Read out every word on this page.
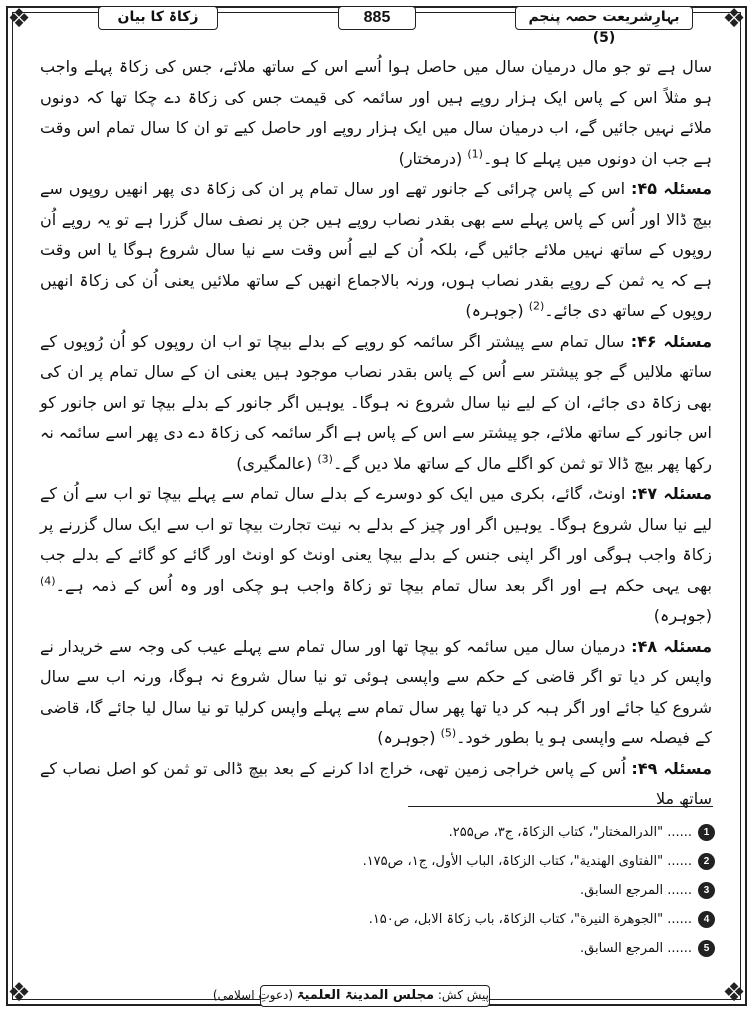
❖	❖
❖	❖
زکاۃ کا بیان	885	بہارِشریعت حصہ پنجم (5)

سال ہے تو جو مال درمیان سال میں حاصل ہوا اُسے اس کے ساتھ ملائے، جس کی زکاۃ پہلے واجب ہو مثلاً اس کے پاس ایک ہزار روپے ہیں اور سائمہ کی قیمت جس کی زکاۃ دے چکا تھا کہ دونوں ملائے نہیں جائیں گے، اب درمیان سال میں ایک ہزار روپے اور حاصل کیے تو ان کا سال تمام اس وقت ہے جب ان دونوں میں پہلے کا ہو۔$^{(1)}$ (درمختار)

مسئلہ ۴۵: اس کے پاس چرائی کے جانور تھے اور سال تمام پر ان کی زکاۃ دی پھر انھیں روپوں سے بیچ ڈالا اور اُس کے پاس پہلے سے بھی بقدر نصاب روپے ہیں جن پر نصف سال گزرا ہے تو یہ روپے اُن روپوں کے ساتھ نہیں ملائے جائیں گے، بلکہ اُن کے لیے اُس وقت سے نیا سال شروع ہوگا یا اس وقت ہے کہ یہ ثمن کے روپے بقدر نصاب ہوں، ورنہ بالاجماع انھیں کے ساتھ ملائیں یعنی اُن کی زکاۃ انھیں روپوں کے ساتھ دی جائے۔$^{(2)}$ (جوہرہ)

مسئلہ ۴۶: سال تمام سے پیشتر اگر سائمہ کو روپے کے بدلے بیچا تو اب ان روپوں کو اُن رُوپوں کے ساتھ ملالیں گے جو پیشتر سے اُس کے پاس بقدر نصاب موجود ہیں یعنی ان کے سال تمام پر ان کی بھی زکاۃ دی جائے، ان کے لیے نیا سال شروع نہ ہوگا۔ یوہیں اگر جانور کے بدلے بیچا تو اس جانور کو اس جانور کے ساتھ ملائے، جو پیشتر سے اس کے پاس ہے اگر سائمہ کی زکاۃ دے دی پھر اسے سائمہ نہ رکھا پھر بیچ ڈالا تو ثمن کو اگلے مال کے ساتھ ملا دیں گے۔$^{(3)}$ (عالمگیری)

مسئلہ ۴۷: اونٹ، گائے، بکری میں ایک کو دوسرے کے بدلے سال تمام سے پہلے بیچا تو اب سے اُن کے لیے نیا سال شروع ہوگا۔ یوہیں اگر اور چیز کے بدلے بہ نیت تجارت بیچا تو اب سے ایک سال گزرنے پر زکاۃ واجب ہوگی اور اگر اپنی جنس کے بدلے بیچا یعنی اونٹ کو اونٹ اور گائے کو گائے کے بدلے جب بھی یہی حکم ہے اور اگر بعد سال تمام بیچا تو زکاۃ واجب ہو چکی اور وہ اُس کے ذمہ ہے۔$^{(4)}$ (جوہرہ)

مسئلہ ۴۸: درمیان سال میں سائمہ کو بیچا تھا اور سال تمام سے پہلے عیب کی وجہ سے خریدار نے واپس کر دیا تو اگر قاضی کے حکم سے واپسی ہوئی تو نیا سال شروع نہ ہوگا، ورنہ اب سے سال شروع کیا جائے اور اگر ہبہ کر دیا تھا پھر سال تمام سے پہلے واپس کرلیا تو نیا سال لیا جائے گا، قاضی کے فیصلہ سے واپسی ہو یا بطور خود۔$^{(5)}$ (جوہرہ)

مسئلہ ۴۹: اُس کے پاس خراجی زمین تھی، خراج ادا کرنے کے بعد بیچ ڈالی تو ثمن کو اصل نصاب کے ساتھ ملا

1
...... "الدرالمختار"، کتاب الزکاۃ، ج۳، ص۲۵۵.
2
...... "الفتاوی الهندیة"، کتاب الزکاۃ، الباب الأول، ج۱، ص۱۷۵.
3
...... المرجع السابق.
4
...... "الجوهرة النیرة"، کتاب الزکاۃ، باب زکاۃ الابل، ص۱۵۰.
5
...... المرجع السابق.
پیش کش: مجلس المدینۃ العلمیۃ (دعوتِ اسلامی)
